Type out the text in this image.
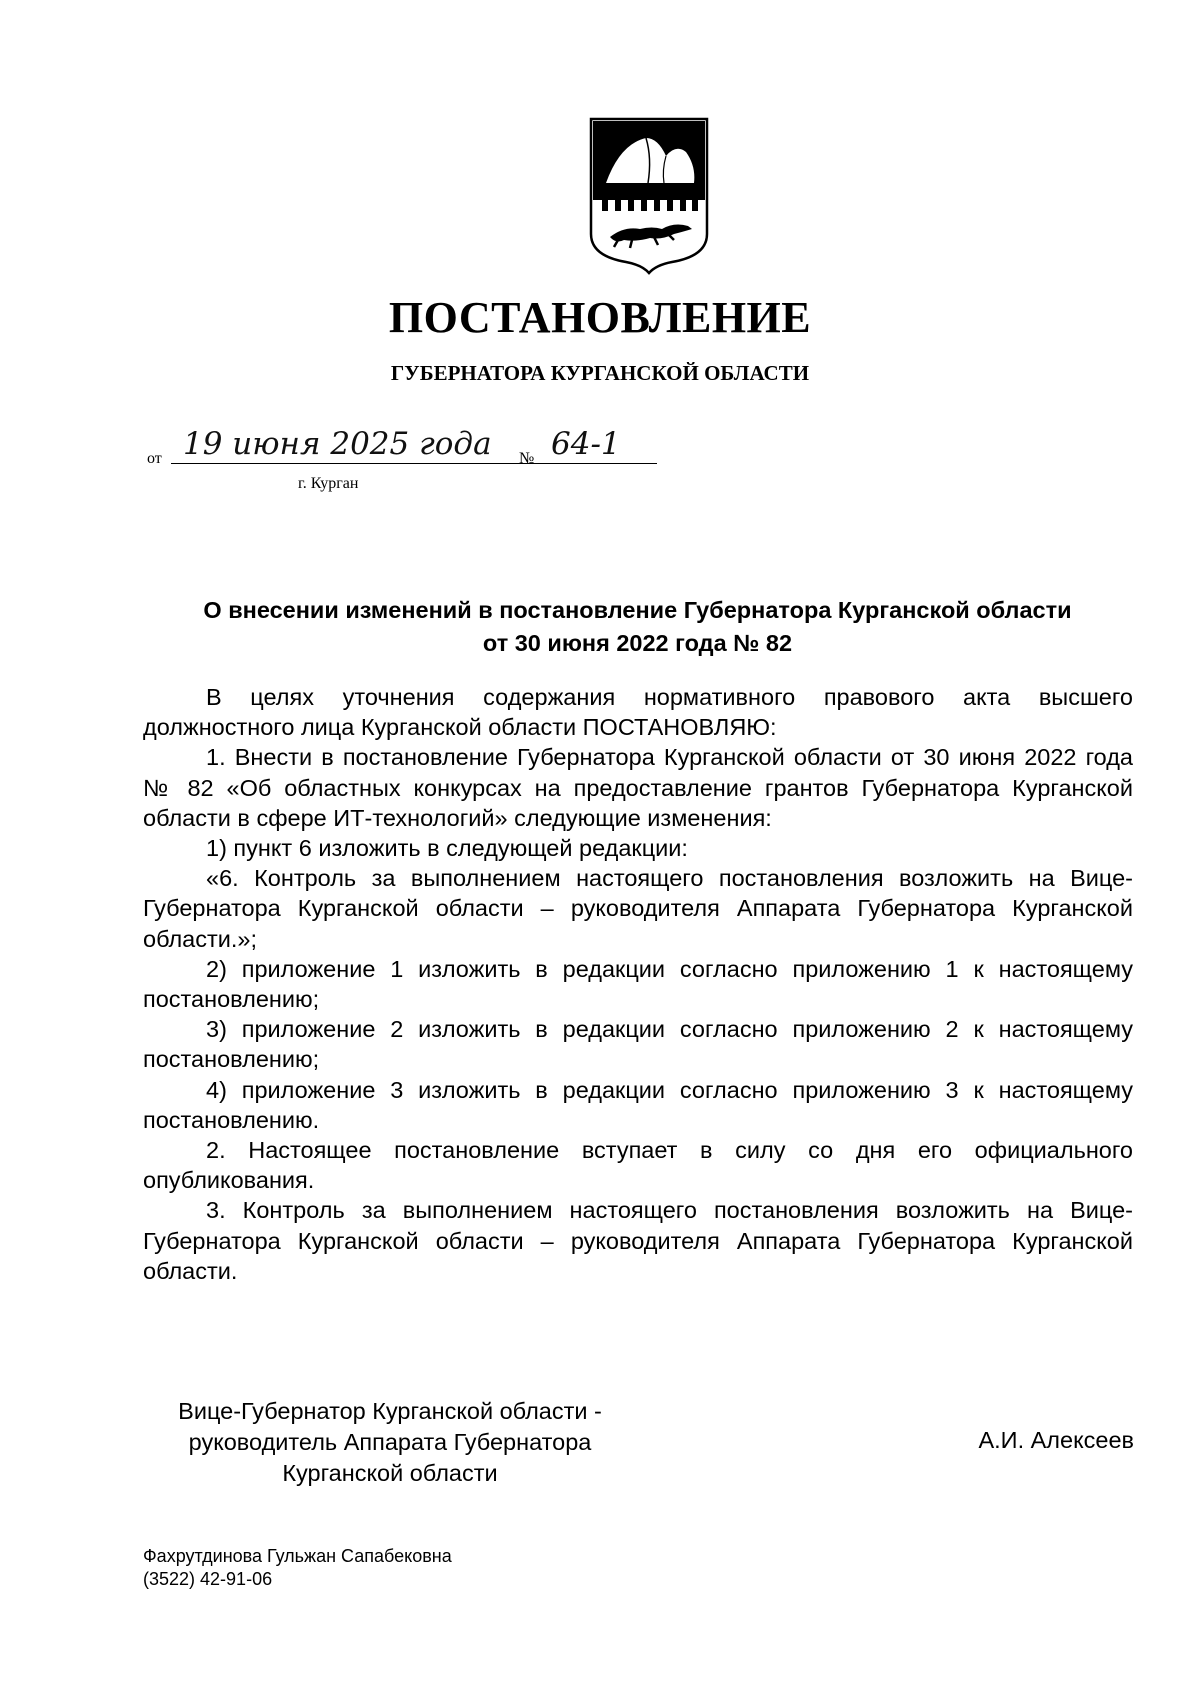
ПОСТАНОВЛЕНИЕ
ГУБЕРНАТОРА КУРГАНСКОЙ ОБЛАСТИ
от 19 июня 2025 года № 64-1
г. Курган
О внесении изменений в постановление Губернатора Курганской области
от 30 июня 2022 года № 82

В целях уточнения содержания нормативного правового акта высшего должностного лица Курганской области ПОСТАНОВЛЯЮ:

1. Внести в постановление Губернатора Курганской области от 30 июня 2022 года № 82 «Об областных конкурсах на предоставление грантов Губернатора Курганской области в сфере ИТ-технологий» следующие изменения:

1) пункт 6 изложить в следующей редакции:

«6. Контроль за выполнением настоящего постановления возложить на Вице-Губернатора Курганской области – руководителя Аппарата Губернатора Курганской области.»;

2) приложение 1 изложить в редакции согласно приложению 1 к настоящему постановлению;

3) приложение 2 изложить в редакции согласно приложению 2 к настоящему постановлению;

4) приложение 3 изложить в редакции согласно приложению 3 к настоящему постановлению.

2. Настоящее постановление вступает в силу со дня его официального опубликования.

3. Контроль за выполнением настоящего постановления возложить на Вице-Губернатора Курганской области – руководителя Аппарата Губернатора Курганской области.

Вице-Губернатор Курганской области -
руководитель Аппарата Губернатора
Курганской области
А.И. Алексеев
Фахрутдинова Гульжан Сапабековна
(3522) 42-91-06
